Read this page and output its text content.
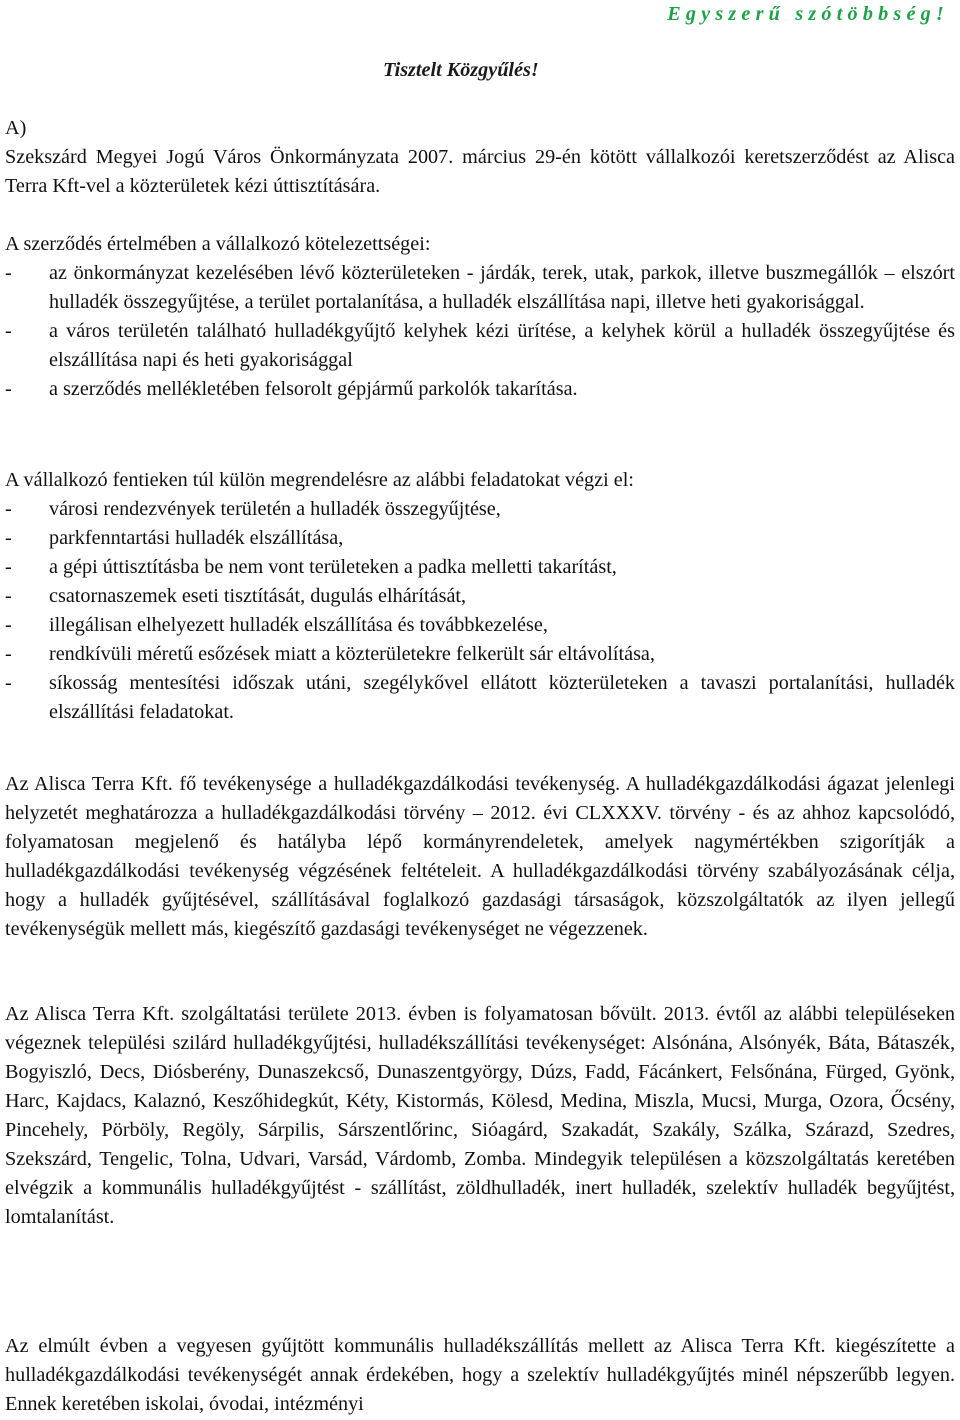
Egyszerű szótöbbség!
Tisztelt Közgyűlés!
A)
Szekszárd Megyei Jogú Város Önkormányzata 2007. március 29-én kötött vállalkozói keretszerződést az Alisca Terra Kft-vel a közterületek kézi úttisztítására.
A szerződés értelmében a vállalkozó kötelezettségei:
- az önkormányzat kezelésében lévő közterületeken - járdák, terek, utak, parkok, illetve buszmegállók – elszórt hulladék összegyűjtése, a terület portalanítása, a hulladék elszállítása napi, illetve heti gyakorisággal.
- a város területén található hulladékgyűjtő kelyhek kézi ürítése, a kelyhek körül a hulladék összegyűjtése és elszállítása napi és heti gyakorisággal
- a szerződés mellékletében felsorolt gépjármű parkolók takarítása.
A vállalkozó fentieken túl külön megrendelésre az alábbi feladatokat végzi el:
- városi rendezvények területén a hulladék összegyűjtése,
- parkfenntartási hulladék elszállítása,
- a gépi úttisztításba be nem vont területeken a padka melletti takarítást,
- csatornaszemek eseti tisztítását, dugulás elhárítását,
- illegálisan elhelyezett hulladék elszállítása és továbbkezelése,
- rendkívüli méretű esőzések miatt a közterületekre felkerült sár eltávolítása,
- síkosság mentesítési időszak utáni, szegélykővel ellátott közterületeken a tavaszi portalanítási, hulladék elszállítási feladatokat.

Az Alisca Terra Kft. fő tevékenysége a hulladékgazdálkodási tevékenység. A hulladékgazdálkodási ágazat jelenlegi helyzetét meghatározza a hulladékgazdálkodási törvény – 2012. évi CLXXXV. törvény - és az ahhoz kapcsolódó, folyamatosan megjelenő és hatályba lépő kormányrendeletek, amelyek nagymértékben szigorítják a hulladékgazdálkodási tevékenység végzésének feltételeit. A hulladékgazdálkodási törvény szabályozásának célja, hogy a hulladék gyűjtésével, szállításával foglalkozó gazdasági társaságok, közszolgáltatók az ilyen jellegű tevékenységük mellett más, kiegészítő gazdasági tevékenységet ne végezzenek.

Az Alisca Terra Kft. szolgáltatási területe 2013. évben is folyamatosan bővült. 2013. évtől az alábbi településeken végeznek települési szilárd hulladékgyűjtési, hulladékszállítási tevékenységet: Alsónána, Alsónyék, Báta, Bátaszék, Bogyiszló, Decs, Diósberény, Dunaszekcső, Dunaszentgyörgy, Dúzs, Fadd, Fácánkert, Felsőnána, Fürged, Gyönk, Harc, Kajdacs, Kalaznó, Keszőhidegkút, Kéty, Kistormás, Kölesd, Medina, Miszla, Mucsi, Murga, Ozora, Őcsény, Pincehely, Pörböly, Regöly, Sárpilis, Sárszentlőrinc, Sióagárd, Szakadát, Szakály, Szálka, Szárazd, Szedres, Szekszárd, Tengelic, Tolna, Udvari, Varsád, Várdomb, Zomba. Mindegyik településen a közszolgáltatás keretében elvégzik a kommunális hulladékgyűjtést - szállítást, zöldhulladék, inert hulladék, szelektív hulladék begyűjtést, lomtalanítást.

Az elmúlt évben a vegyesen gyűjtött kommunális hulladékszállítás mellett az Alisca Terra Kft. kiegészítette a hulladékgazdálkodási tevékenységét annak érdekében, hogy a szelektív hulladékgyűjtés minél népszerűbb legyen. Ennek keretében iskolai, óvodai, intézményi
